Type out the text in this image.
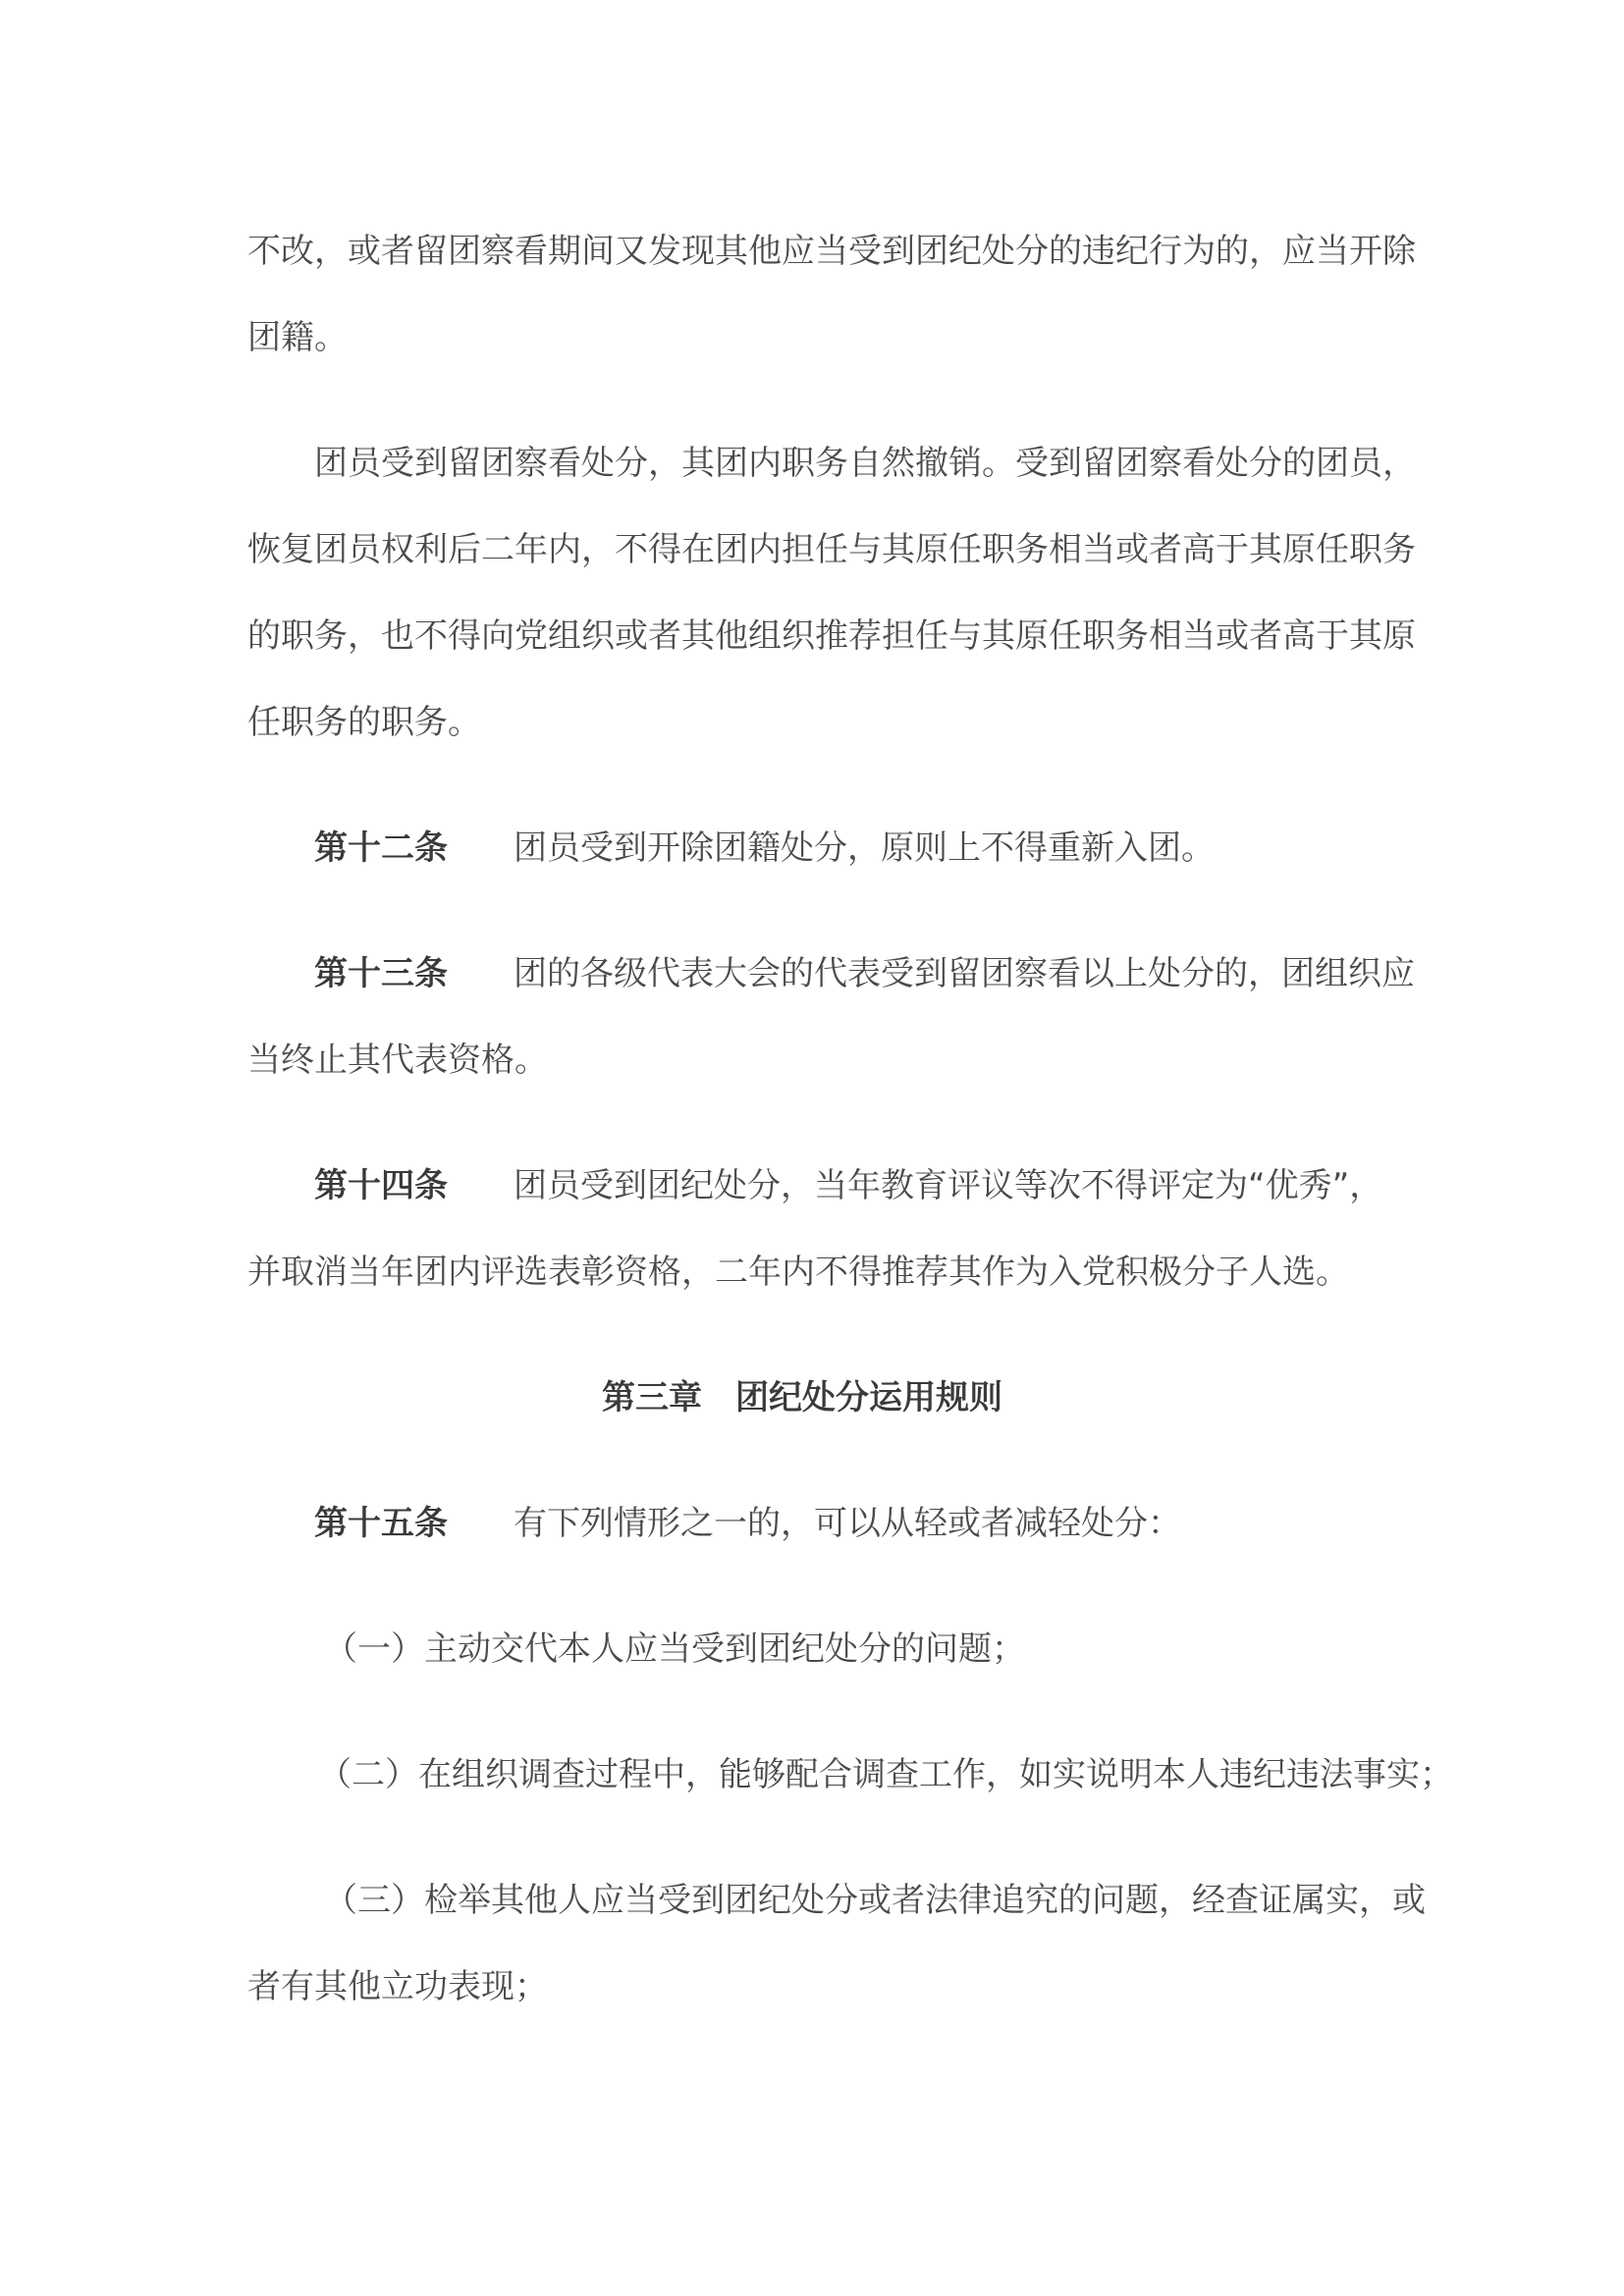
不改，或者留团察看期间又发现其他应当受到团纪处分的违纪行为的，应当开除
团籍。
团员受到留团察看处分，其团内职务自然撤销。受到留团察看处分的团员，
恢复团员权利后二年内，不得在团内担任与其原任职务相当或者高于其原任职务
的职务，也不得向党组织或者其他组织推荐担任与其原任职务相当或者高于其原
任职务的职务。
第十二条 团员受到开除团籍处分，原则上不得重新入团。
第十三条 团的各级代表大会的代表受到留团察看以上处分的，团组织应
当终止其代表资格。
第十四条 团员受到团纪处分，当年教育评议等次不得评定为“优秀”，
并取消当年团内评选表彰资格，二年内不得推荐其作为入党积极分子人选。
第三章 团纪处分运用规则
第十五条 有下列情形之一的，可以从轻或者减轻处分：
（一）主动交代本人应当受到团纪处分的问题；
（二）在组织调查过程中，能够配合调查工作，如实说明本人违纪违法事实；
（三）检举其他人应当受到团纪处分或者法律追究的问题，经查证属实，或
者有其他立功表现；
